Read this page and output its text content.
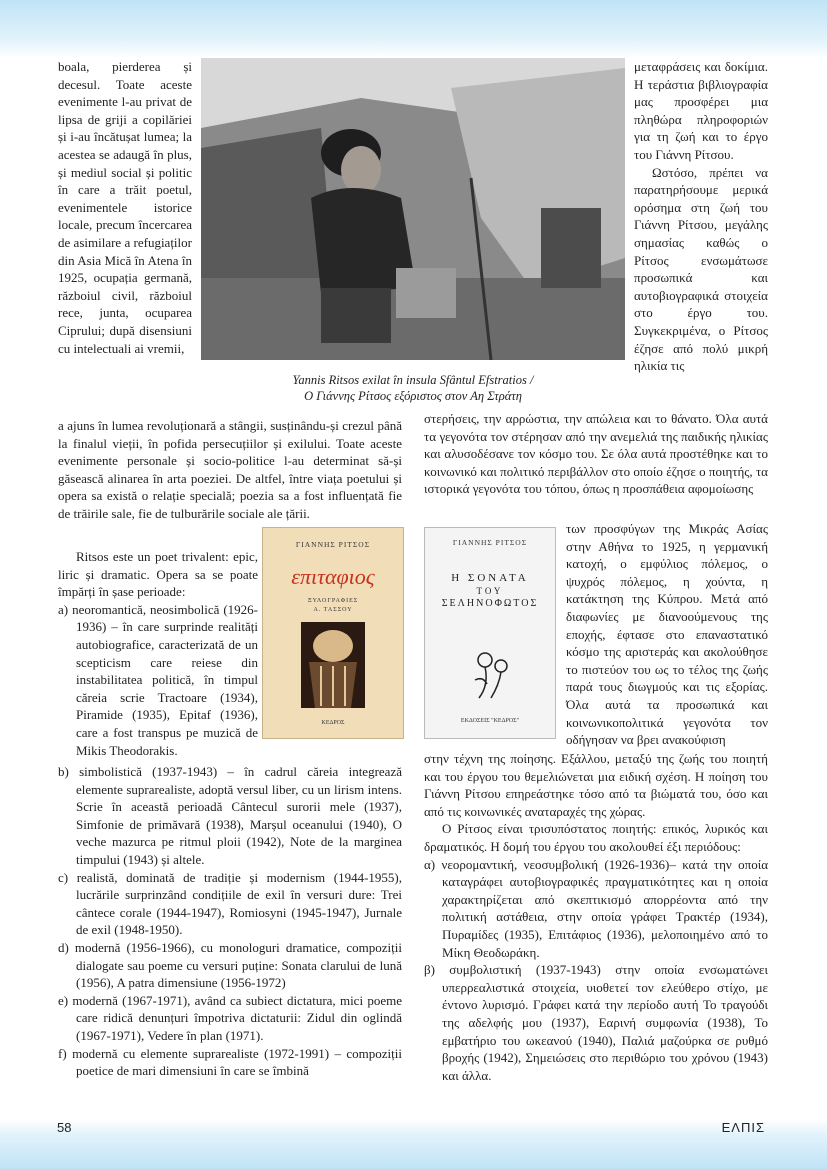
boala, pierderea și decesul. Toate aceste evenimente l-au privat de lipsa de griji a copilăriei și i-au încătușat lumea; la acestea se adaugă în plus, și mediul social și politic în care a trăit poetul, evenimentele istorice locale, precum încercarea de asimilare a refugiaților din Asia Mică în Atena în 1925, ocupația germană, războiul civil, războiul rece, junta, ocuparea Ciprului; după disensiuni cu intelectuali ai vremii,

Yannis Ritsos exilat în insula Sfântul Efstratios /
Ο Γιάννης Ρίτσος εξόριστος στον Αη Στράτη

μεταφράσεις και δοκίμια. Η τεράστια βιβλιογραφία μας προσφέρει μια πληθώρα πληροφοριών για τη ζωή και το έργο του Γιάννη Ρίτσου.

Ωστόσο, πρέπει να παρατηρήσουμε μερικά ορόσημα στη ζωή του Γιάννη Ρίτσου, μεγάλης σημασίας καθώς ο Ρίτσος ενσωμάτωσε προσωπικά και αυτοβιογραφικά στοιχεία στο έργο του. Συγκεκριμένα, ο Ρίτσος έζησε από πολύ μικρή ηλικία τις

a ajuns în lumea revoluționară a stângii, susținându-și crezul până la finalul vieții, în pofida persecuțiilor și exilului. Toate aceste evenimente personale și socio-politice l-au determinat să-și găsească alinarea în arta poeziei. De altfel, între viața poetului și opera sa există o relație specială; poezia sa a fost influențată fie de trăirile sale, fie de tulburările sociale ale țării.

Ritsos este un poet trivalent: epic, liric și dramatic. Opera sa se poate împărți în șase perioade:

a) neoromantică, neosimbolică (1926-1936) – în care surprinde realități autobiografice, caracterizată de un scepticism care reiese din instabilitatea politică, în timpul căreia scrie Tractoare (1934), Piramide (1935), Epitaf (1936), care a fost transpus pe muzică de Mikis Theodorakis.
b) simbolistică (1937-1943) – în cadrul căreia integrează elemente suprarealiste, adoptă versul liber, cu un lirism intens. Scrie în această perioadă Cântecul surorii mele (1937), Simfonie de primăvară (1938), Marșul oceanului (1940), O veche mazurca pe ritmul ploii (1942), Note de la marginea timpului (1943) și altele.
c) realistă, dominată de tradiție și modernism (1944-1955), lucrările surprinzând condițiile de exil în versuri dure: Trei cântece corale (1944-1947), Romiosyni (1945-1947), Jurnale de exil (1948-1950).
d) modernă (1956-1966), cu monologuri dramatice, compoziții dialogate sau poeme cu versuri puține: Sonata clarului de lună (1956), A patra dimensiune (1956-1972)
e) modernă (1967-1971), având ca subiect dictatura, mici poeme care ridică denunțuri împotriva dictaturii: Zidul din oglindă (1967-1971), Vedere în plan (1971).
f) modernă cu elemente suprarealiste (1972-1991) – compoziții poetice de mari dimensiuni în care se îmbină
ΓΙΑΝΝΗΣ ΡΙΤΣΟΣ
επιταφιος
ΞΥΛΟΓΡΑΦΙΕΣ
Α. ΤΑΣΣΟΥ
ΚΕΔΡΟΣ
ΓΙΑΝΝΗΣ ΡΙΤΣΟΣ
Η ΣΟΝΑΤΑ
ΤΟΥ
ΣΕΛΗΝΟΦΩΤΟΣ
ΕΚΔΟΣΕΙΣ "ΚΕΔΡΟΣ"

στερήσεις, την αρρώστια, την απώλεια και το θάνατο. Όλα αυτά τα γεγονότα τον στέρησαν από την ανεμελιά της παιδικής ηλικίας και αλυσοδέσανε τον κόσμο του. Σε όλα αυτά προστέθηκε και το κοινωνικό και πολιτικό περιβάλλον στο οποίο έζησε ο ποιητής, τα ιστορικά γεγονότα του τόπου, όπως η προσπάθεια αφομοίωσης

των προσφύγων της Μικράς Ασίας στην Αθήνα το 1925, η γερμανική κατοχή, ο εμφύλιος πόλεμος, ο ψυχρός πόλεμος, η χούντα, η κατάκτηση της Κύπρου. Μετά από διαφωνίες με διανοούμενους της εποχής, έφτασε στο επαναστατικό κόσμο της αριστεράς και ακολούθησε το πιστεύον του ως το τέλος της ζωής παρά τους διωγμούς και τις εξορίας. Όλα αυτά τα προσωπικά και κοινωνικοπολιτικά γεγονότα τον οδήγησαν να βρει ανακούφιση

στην τέχνη της ποίησης. Εξάλλου, μεταξύ της ζωής του ποιητή και του έργου του θεμελιώνεται μια ειδική σχέση. Η ποίηση του Γιάννη Ρίτσου επηρεάστηκε τόσο από τα βιώματά του, όσο και από τις κοινωνικές αναταραχές της χώρας.

Ο Ρίτσος είναι τρισυπόστατος ποιητής: επικός, λυρικός και δραματικός. Η δομή του έργου του ακολουθεί έξι περιόδους:

α) νεορομαντική, νεοσυμβολική (1926-1936)– κατά την οποία καταγράφει αυτοβιογραφικές πραγματικότητες και η οποία χαρακτηρίζεται από σκεπτικισμό απορρέοντα από την πολιτική αστάθεια, στην οποία γράφει Τρακτέρ (1934), Πυραμίδες (1935), Επιτάφιος (1936), μελοποιημένο από το Μίκη Θεοδωράκη.
β) συμβολιστική (1937-1943) στην οποία ενσωματώνει υπερρεαλιστικά στοιχεία, υιοθετεί τον ελεύθερο στίχο, με έντονο λυρισμό. Γράφει κατά την περίοδο αυτή Το τραγούδι της αδελφής μου (1937), Εαρινή συμφωνία (1938), Το εμβατήριο του ωκεανού (1940), Παλιά μαζούρκα σε ρυθμό βροχής (1942), Σημειώσεις στο περιθώριο του χρόνου (1943) και άλλα.
58	ΕΛΠΙΣ
